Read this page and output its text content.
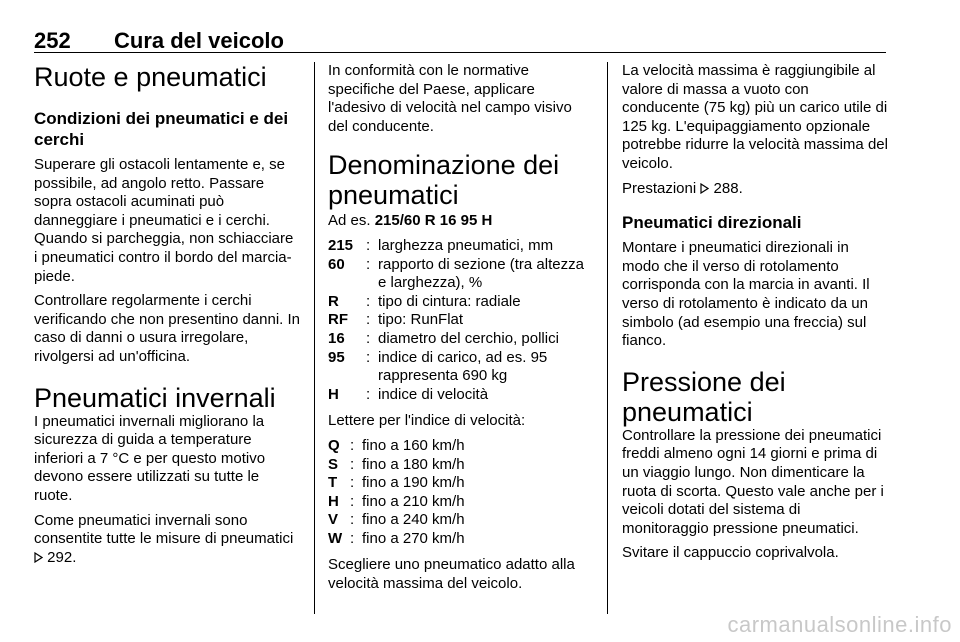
252 Cura del veicolo
Ruote e pneumatici
Condizioni dei pneumatici e dei cerchi
Superare gli ostacoli lentamente e, se possibile, ad angolo retto. Passare sopra ostacoli acuminati può danneggiare i pneumatici e i cerchi. Quando si parcheggia, non schiacciare i pneumatici contro il bordo del marcia-piede.
Controllare regolarmente i cerchi verificando che non presentino danni. In caso di danni o usura irregolare, rivolgersi ad un'officina.
Pneumatici invernali
I pneumatici invernali migliorano la sicurezza di guida a temperature inferiori a 7 °C e per questo motivo devono essere utilizzati su tutte le ruote.
Come pneumatici invernali sono consentite tutte le misure di pneumatici  292.
In conformità con le normative specifiche del Paese, applicare l'adesivo di velocità nel campo visivo del conducente.
Denominazione dei pneumatici
Ad es. 215/60 R 16 95 H
215 : larghezza pneumatici, mm
60	: rapporto di sezione (tra altezza e larghezza), %
R	: tipo di cintura: radiale
RF	: tipo: RunFlat
16	: diametro del cerchio, pollici
95	: indice di carico, ad es. 95 rappresenta 690 kg
H	: indice di velocità
Lettere per l'indice di velocità:
Q : fino a 160 km/h
S : fino a 180 km/h
T : fino a 190 km/h
H : fino a 210 km/h
V : fino a 240 km/h
W : fino a 270 km/h
Scegliere uno pneumatico adatto alla velocità massima del veicolo.
La velocità massima è raggiungibile al valore di massa a vuoto con conducente (75 kg) più un carico utile di 125 kg. L'equipaggiamento opzionale potrebbe ridurre la velocità massima del veicolo.
Prestazioni  288.
Pneumatici direzionali
Montare i pneumatici direzionali in modo che il verso di rotolamento corrisponda con la marcia in avanti. Il verso di rotolamento è indicato da un simbolo (ad esempio una freccia) sul fianco.
Pressione dei pneumatici
Controllare la pressione dei pneumatici freddi almeno ogni 14 giorni e prima di un viaggio lungo. Non dimenticare la ruota di scorta. Questo vale anche per i veicoli dotati del sistema di monitoraggio pressione pneumatici.
Svitare il cappuccio coprivalvola.
carmanualsonline.info
